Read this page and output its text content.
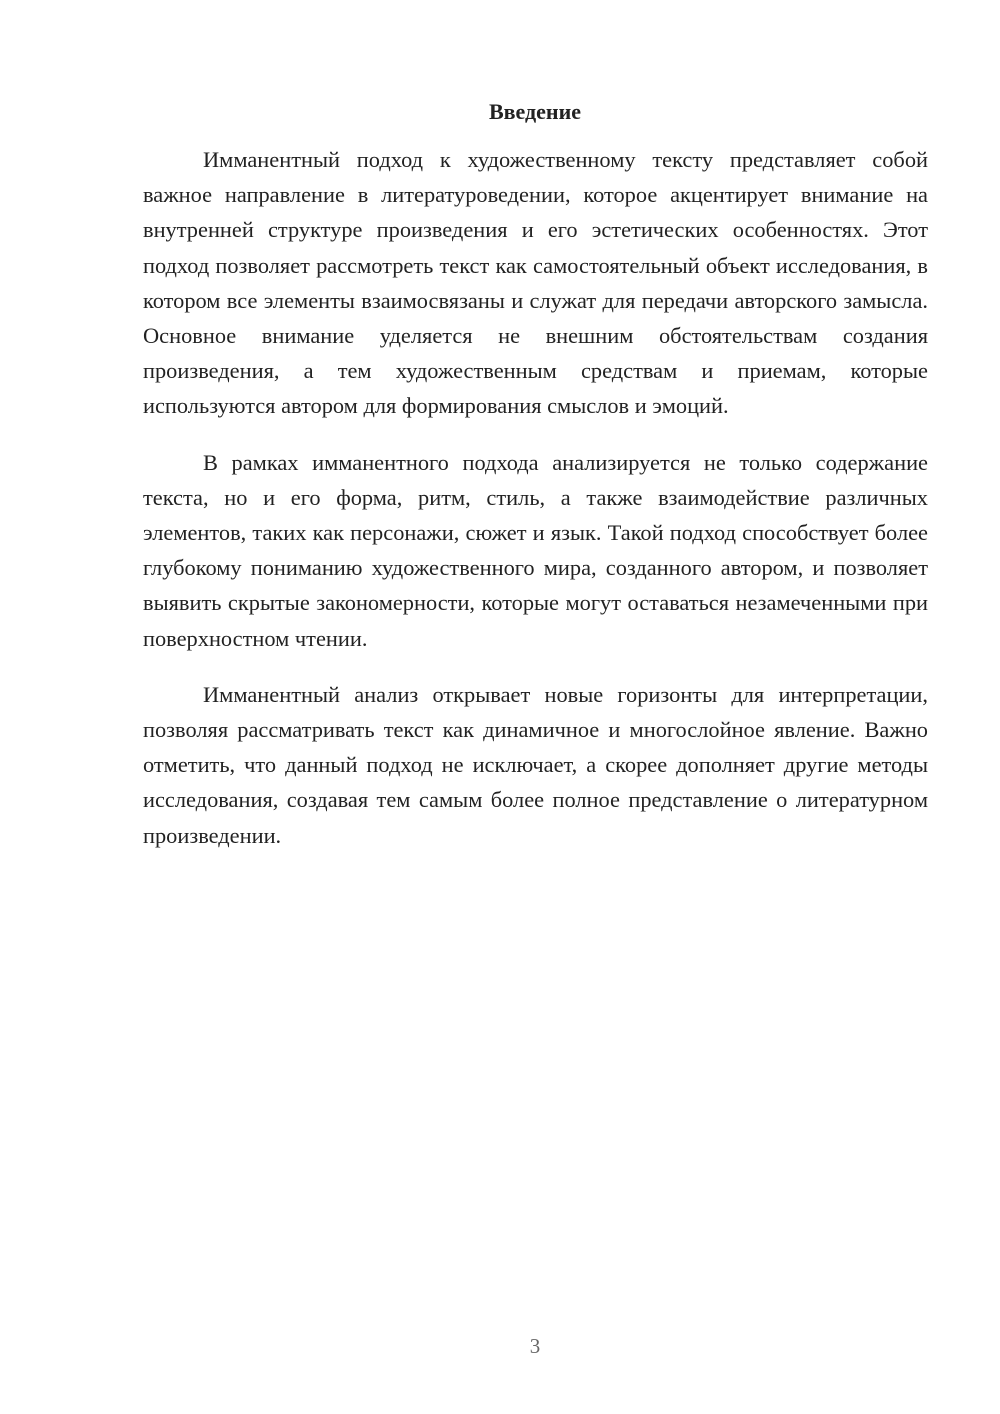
Введение

Имманентный подход к художественному тексту представляет собой важное направление в литературоведении, которое акцентирует внимание на внутренней структуре произведения и его эстетических особенностях. Этот подход позволяет рассмотреть текст как самостоятельный объект исследования, в котором все элементы взаимосвязаны и служат для передачи авторского замысла. Основное внимание уделяется не внешним обстоятельствам создания произведения, а тем художественным средствам и приемам, которые используются автором для формирования смыслов и эмоций.

В рамках имманентного подхода анализируется не только содержание текста, но и его форма, ритм, стиль, а также взаимодействие различных элементов, таких как персонажи, сюжет и язык. Такой подход способствует более глубокому пониманию художественного мира, созданного автором, и позволяет выявить скрытые закономерности, которые могут оставаться незамеченными при поверхностном чтении.

Имманентный анализ открывает новые горизонты для интерпретации, позволяя рассматривать текст как динамичное и многослойное явление. Важно отметить, что данный подход не исключает, а скорее дополняет другие методы исследования, создавая тем самым более полное представление о литературном произведении.

3
